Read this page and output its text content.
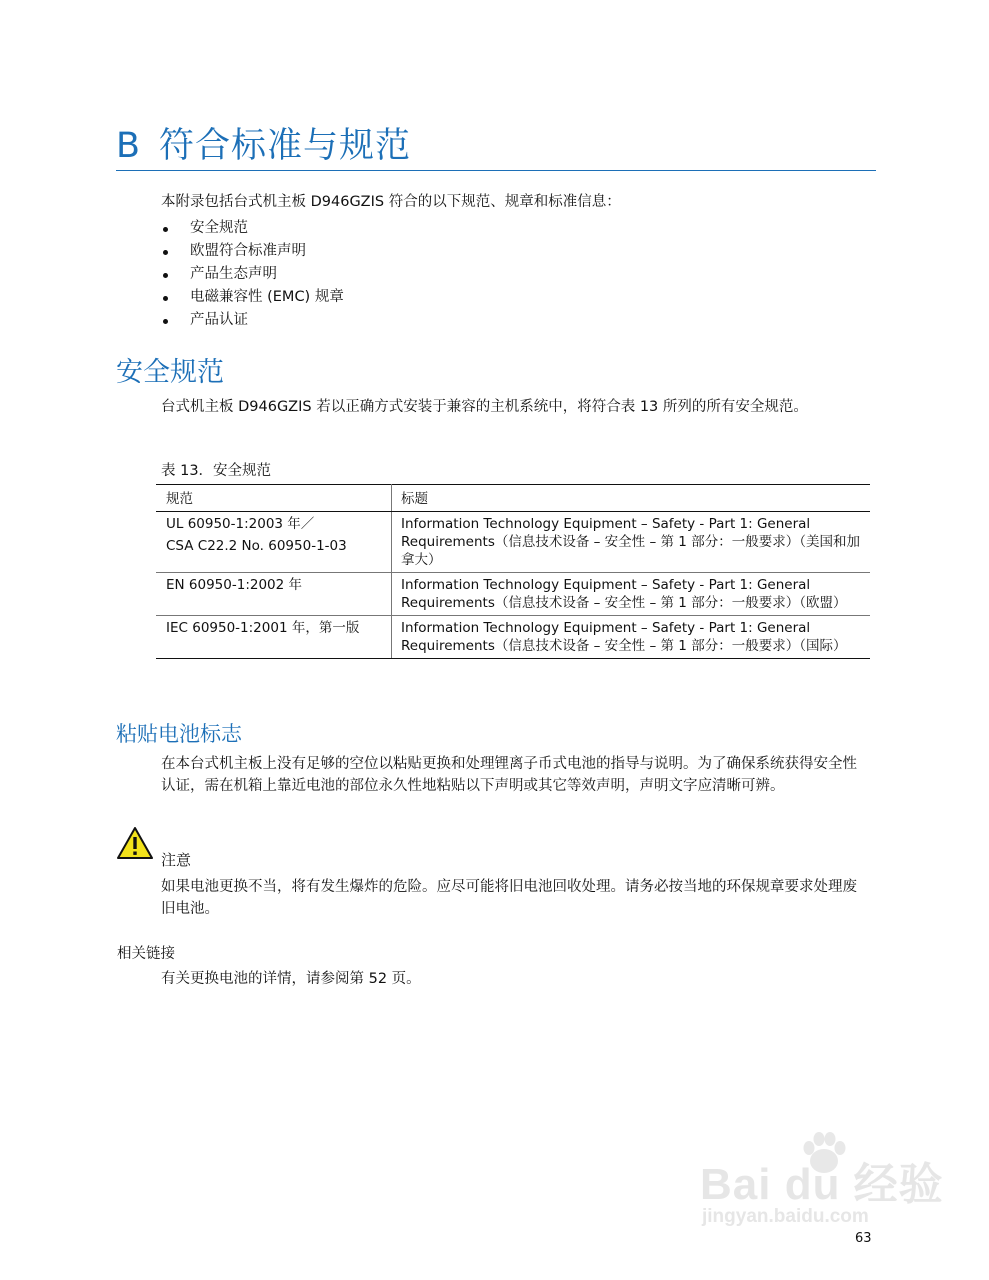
B 符合标准与规范
本附录包括台式机主板 D946GZIS 符合的以下规范、规章和标准信息：
安全规范
欧盟符合标准声明
产品生态声明
电磁兼容性 (EMC) 规章
产品认证
安全规范
台式机主板 D946GZIS 若以正确方式安装于兼容的主机系统中，将符合表 13 所列的所有安全规范。
表 13．安全规范
规范	标题

UL 60950-1:2003 年／
CSA C22.2 No. 60950-1-03	Information Technology Equipment – Safety - Part 1: General Requirements（信息技术设备 – 安全性 – 第 1 部分：一般要求）（美国和加拿大）

EN 60950-1:2002 年	Information Technology Equipment – Safety - Part 1: General Requirements（信息技术设备 – 安全性 – 第 1 部分：一般要求）（欧盟）

IEC 60950-1:2001 年，第一版	Information Technology Equipment – Safety - Part 1: General Requirements（信息技术设备 – 安全性 – 第 1 部分：一般要求）（国际）
粘贴电池标志
在本台式机主板上没有足够的空位以粘贴更换和处理锂离子币式电池的指导与说明。为了确保系统获得安全性认证，需在机箱上靠近电池的部位永久性地粘贴以下声明或其它等效声明，声明文字应清晰可辨。
注意
如果电池更换不当，将有发生爆炸的危险。应尽可能将旧电池回收处理。请务必按当地的环保规章要求处理废旧电池。
相关链接
有关更换电池的详情，请参阅第 52 页。
Bai du 经验
jingyan.baidu.com
63
